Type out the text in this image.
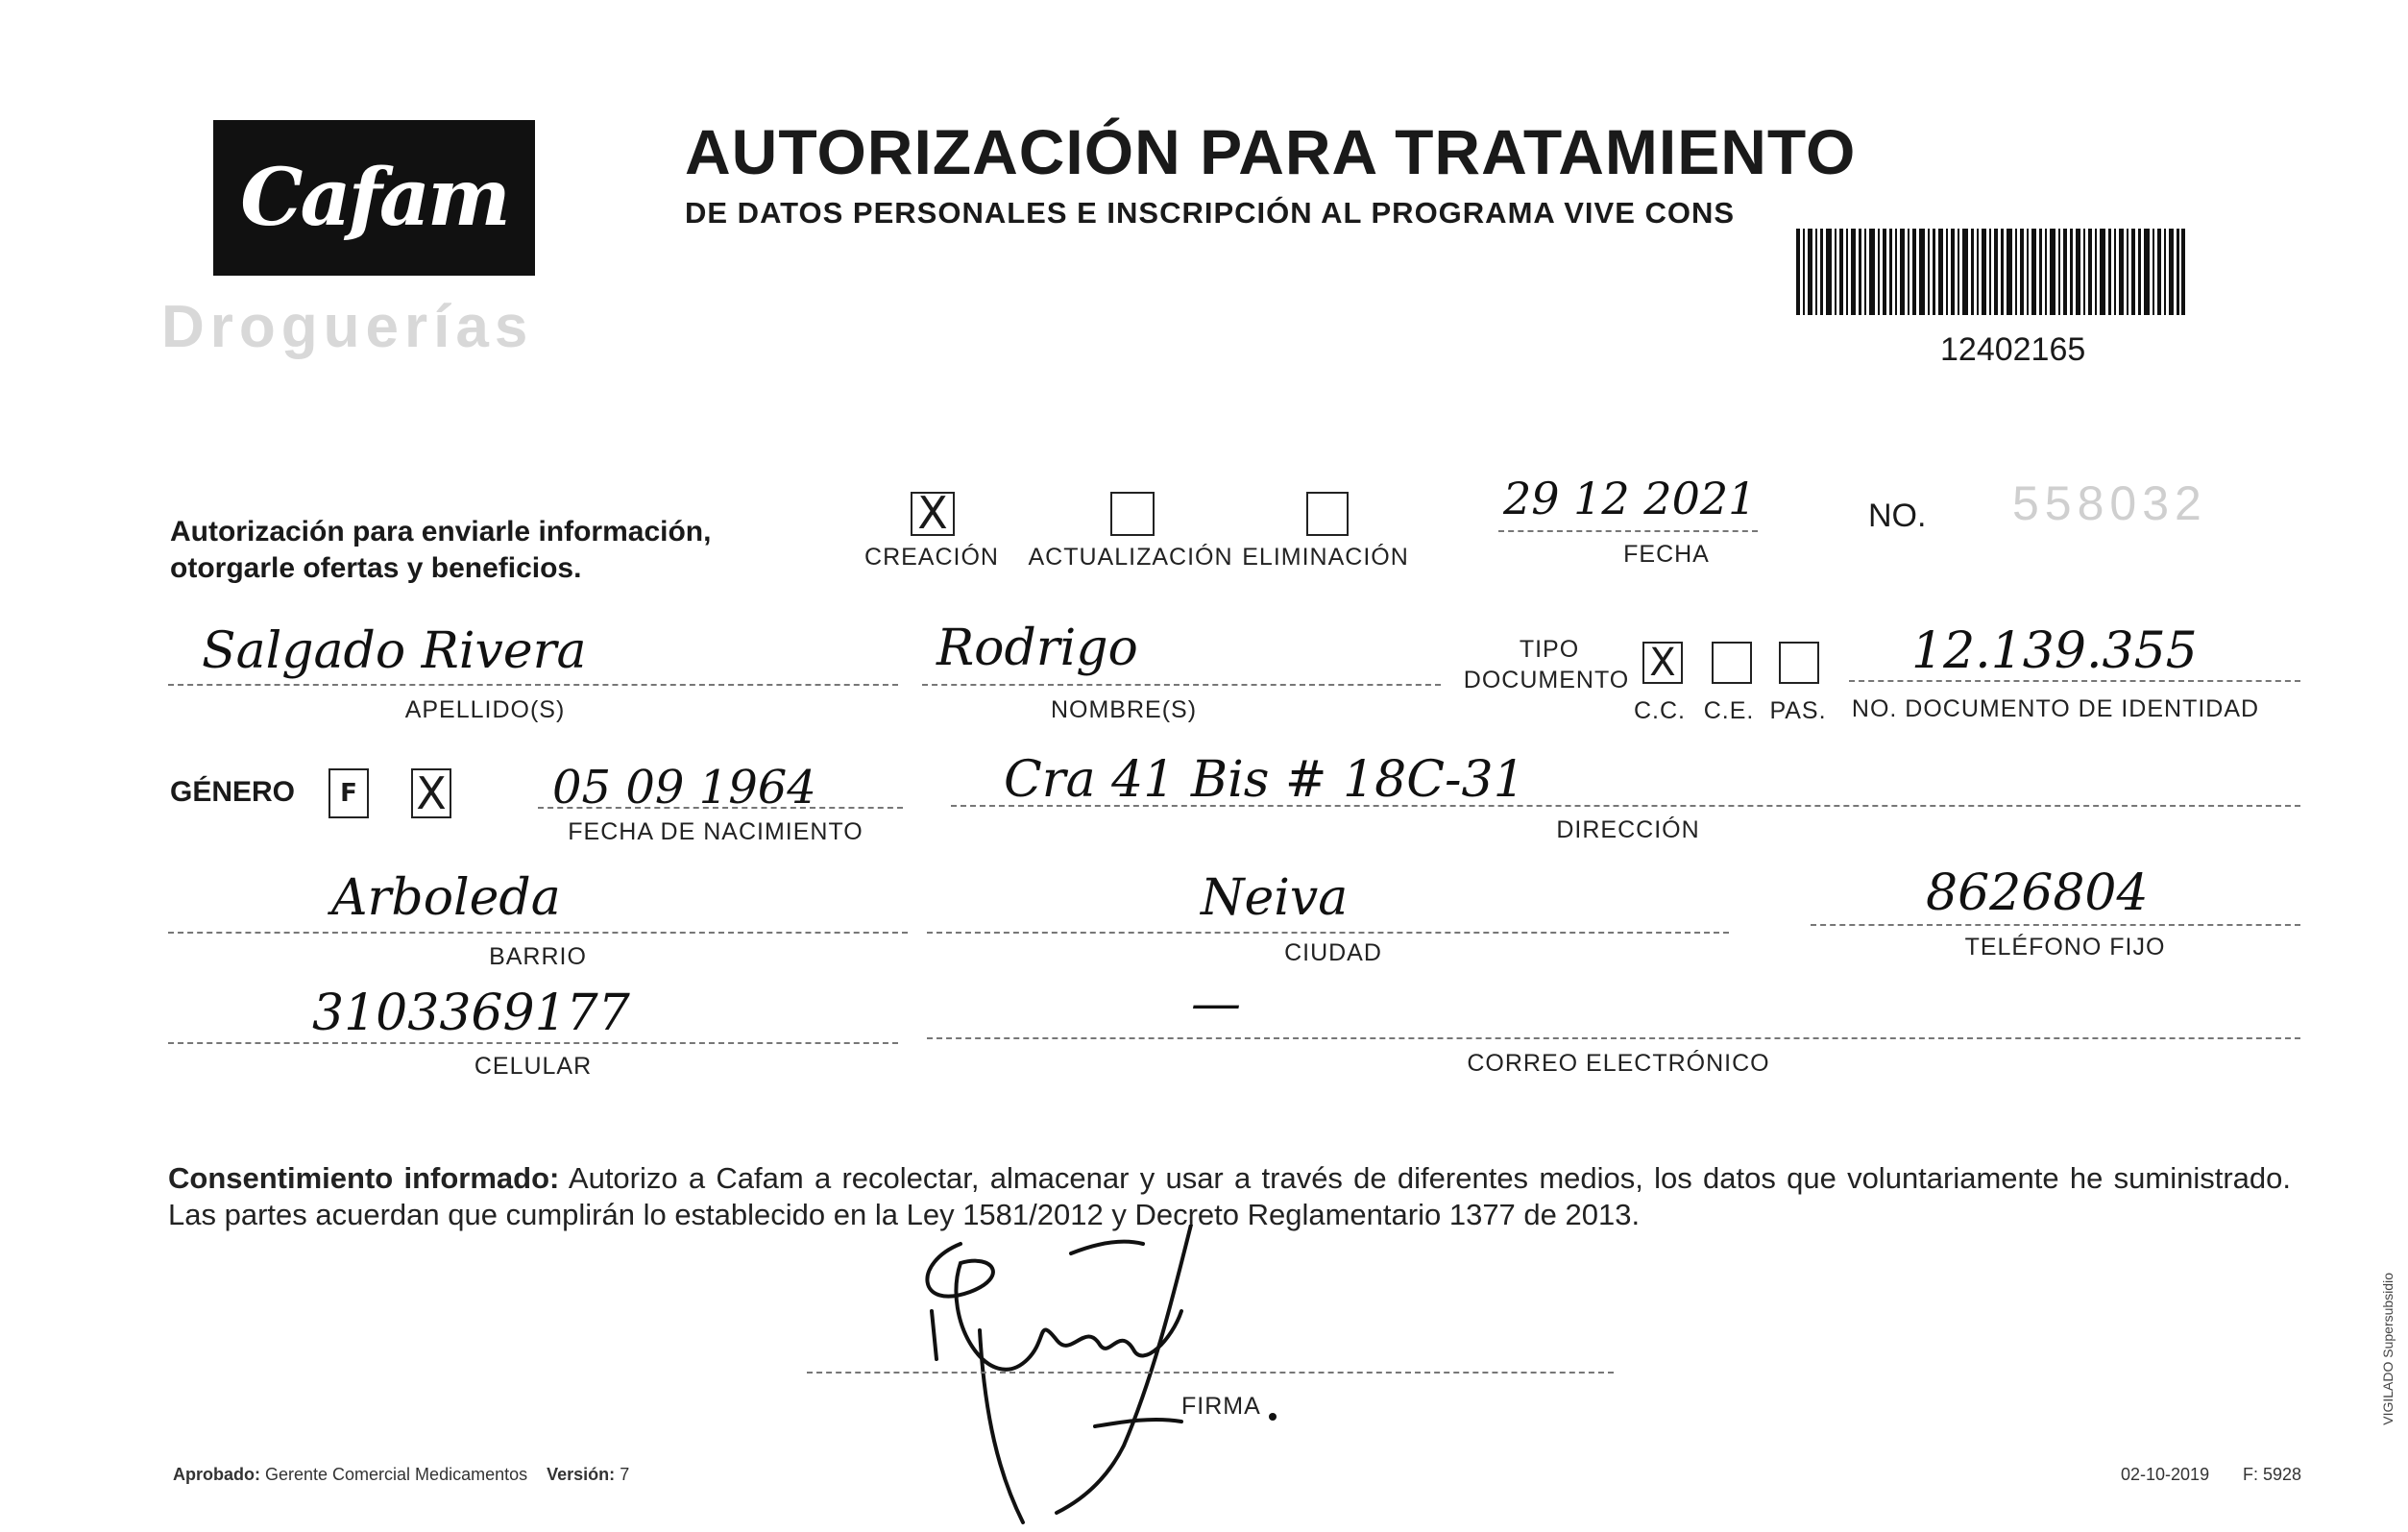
Cafam
Droguerías
AUTORIZACIÓN PARA TRATAMIENTO
DE DATOS PERSONALES E INSCRIPCIÓN AL PROGRAMA VIVE CONS
12402165
Autorización para enviarle información,
otorgarle ofertas y beneficios.
X
CREACIÓN ACTUALIZACIÓN ELIMINACIÓN
29 12 2021
FECHA
NO. 558032
Salgado Rivera
APELLIDO(S)
Rodrigo
NOMBRE(S)
TIPO
DOCUMENTO X
C.C. C.E. PAS.
12.139.355
NO. DOCUMENTO DE IDENTIDAD
GÉNERO	F X 05 09 1964
FECHA DE NACIMIENTO
Cra 41 Bis # 18C-31
DIRECCIÓN
Arboleda
BARRIO
Neiva
CIUDAD
8626804
TELÉFONO FIJO
3103369177
CELULAR
—
CORREO ELECTRÓNICO
Consentimiento informado: Autorizo a Cafam a recolectar, almacenar y usar a través de diferentes medios, los datos que voluntariamente he suministrado. Las partes acuerdan que cumplirán lo establecido en la Ley 1581/2012 y Decreto Reglamentario 1377 de 2013.
FIRMA
Aprobado: Gerente Comercial Medicamentos Versión: 7	02-10-2019 F: 5928
VIGILADO Supersubsidio
